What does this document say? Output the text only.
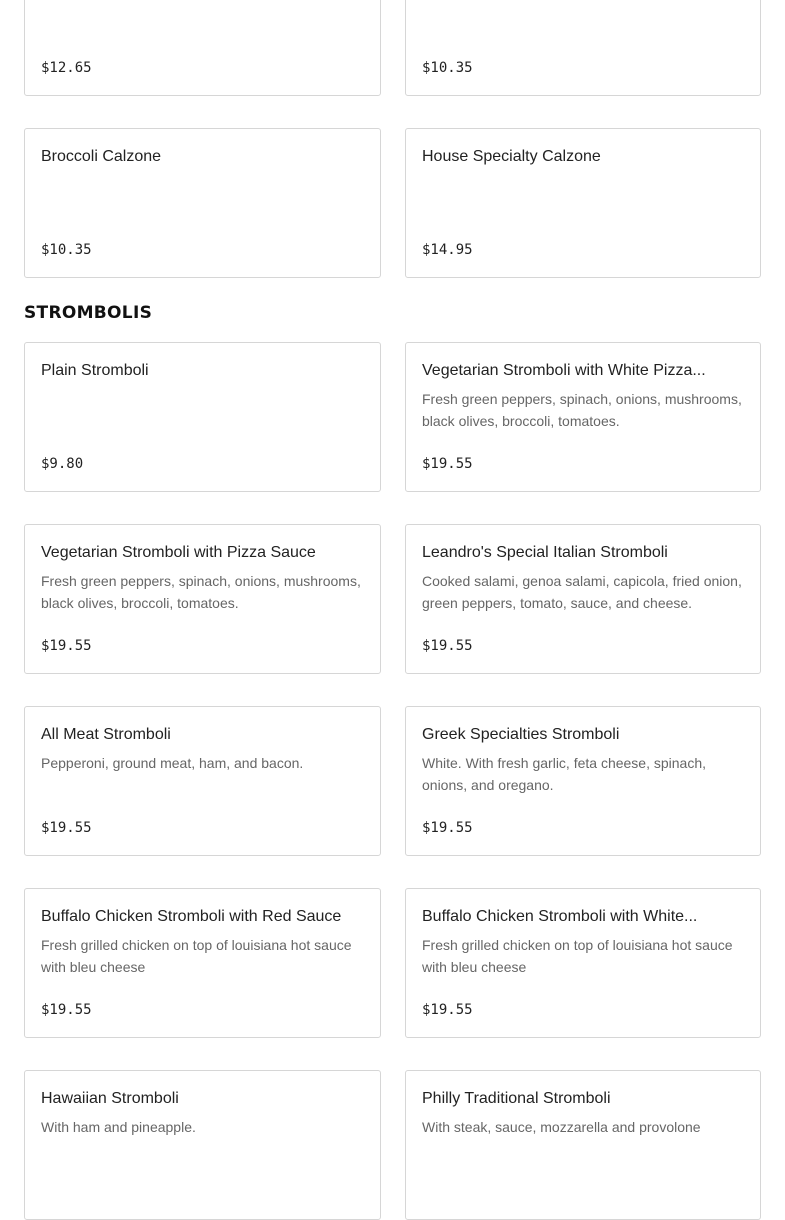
$12.65	$10.35
Broccoli Calzone
$10.35
House Specialty Calzone
$14.95
STROMBOLIS
Plain Stromboli
$9.80
Vegetarian Stromboli with White Pizza...
Fresh green peppers, spinach, onions, mushrooms, black olives, broccoli, tomatoes.
$19.55
Vegetarian Stromboli with Pizza Sauce
Fresh green peppers, spinach, onions, mushrooms, black olives, broccoli, tomatoes.
$19.55
Leandro's Special Italian Stromboli
Cooked salami, genoa salami, capicola, fried onion, green peppers, tomato, sauce, and cheese.
$19.55
All Meat Stromboli
Pepperoni, ground meat, ham, and bacon.
$19.55
Greek Specialties Stromboli
White. With fresh garlic, feta cheese, spinach, onions, and oregano.
$19.55
Buffalo Chicken Stromboli with Red Sauce
Fresh grilled chicken on top of louisiana hot sauce with bleu cheese
$19.55
Buffalo Chicken Stromboli with White...
Fresh grilled chicken on top of louisiana hot sauce with bleu cheese
$19.55
Hawaiian Stromboli
With ham and pineapple.
Philly Traditional Stromboli
With steak, sauce, mozzarella and provolone
